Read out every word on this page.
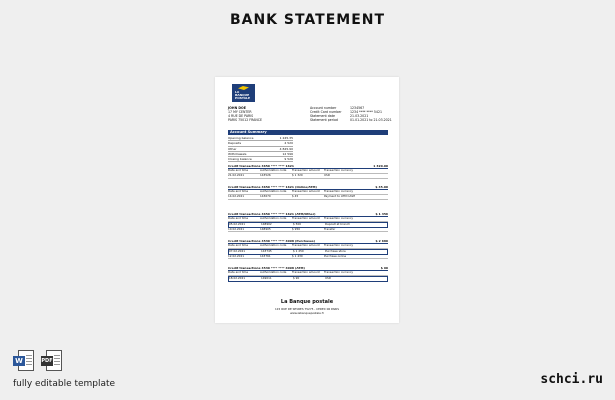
BANK STATEMENT
LA
BANQUE
POSTALE
JOHN DOE
17 MY CENTER
4 RUE DE PARIS
PARIS 75012 FRANCE
Account number	1234567
Credit Card number	1234 **** **** 5421
Statement date	21.03.2021
Statement period	01.01.2021 to 21.03.2021
Account Summary
Opening balance	1 245.35
Deposits	4 520
Other	4 845.90
Withdrawals	12 596
Closing balance	9 526
Credit transactions 4650 **** **** 1621	1 320.00
Date and time	Authorization code	Transaction amount	Transaction currency
21.02.2021	143526	$ 1 320	USD
Credit transactions 4650 **** **** 1621 (Online/ATM)	$ 45.00
Date and time	Authorization code	Transaction amount	Transaction currency
14.02.2021	143670	$ 45	Payment to ATM CASH
Credit transactions 4650 **** **** 1621 (ATM/Other)	$ 1 456
Date and time	Authorization code	Transaction amount	Transaction currency
05.02.2021	148902	$ 500	Deposit at branch
10.02.2021	148905	$ 956	Transfer
Credit transactions 4530 **** **** 4098 (Purchases)	$ 2 680
Date and time	Authorization code	Transaction amount	Transaction currency
07.02.2021	143745	$ 1 250	Purchase store
12.02.2021	143761	$ 1 430	Purchase online
Credit transactions 4530 **** **** 4098 (ATM)	$ 90
Date and time	Authorization code	Transaction amount	Transaction currency
18.02.2021	149011	$ 90	USD
La Banque postale
115 RUE DE SEVRES 75275 - CEDEX 06 PARIS
www.labanquepostale.fr
W	PDF
fully editable template	schci.ru
